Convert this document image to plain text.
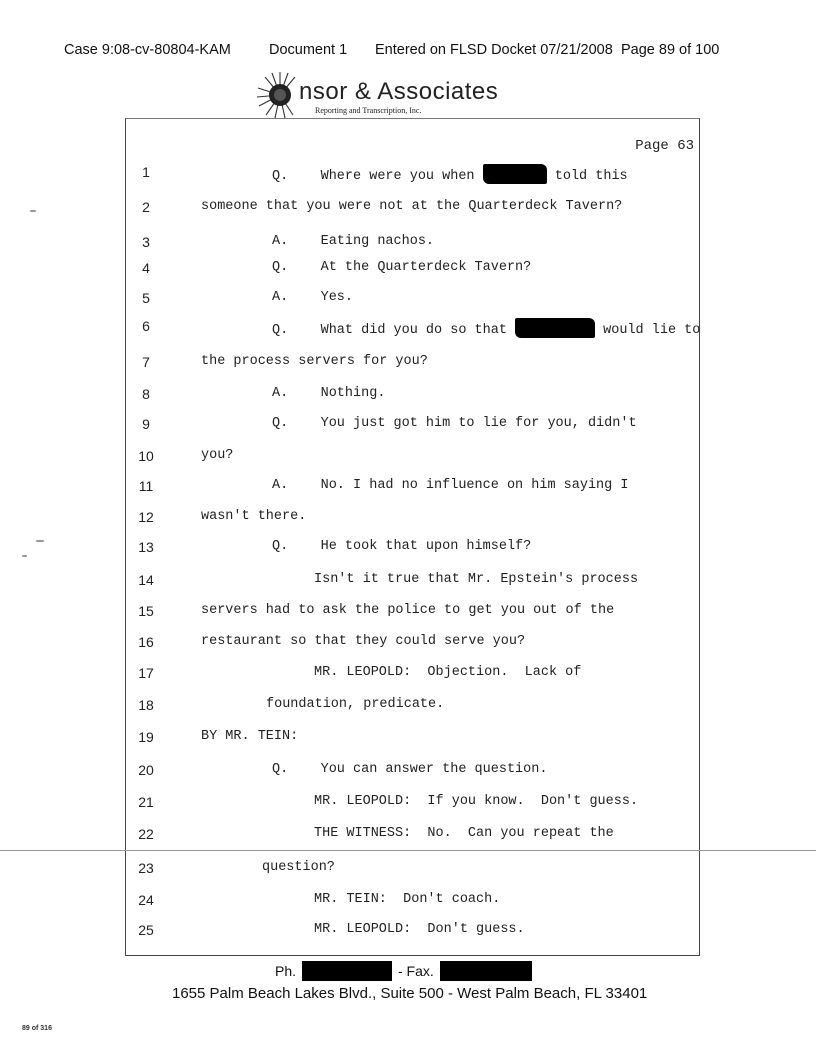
Case 9:08-cv-80804-KAM	Document 1 Entered on FLSD Docket 07/21/2008 Page 89 of 100
nsor & Associates
Reporting and Transcription, Inc.
Page 63
1	Q.    Where were you when	told this
2	someone that you were not at the Quarterdeck Tavern?
3	A.    Eating nachos.
4	Q.    At the Quarterdeck Tavern?
5	A.    Yes.
6	Q.    What did you do so that	would lie to
7	the process servers for you?
8	A.    Nothing.
9	Q.    You just got him to lie for you, didn't
10	you?
11	A.    No. I had no influence on him saying I
12	wasn't there.
13	Q.    He took that upon himself?
14	Isn't it true that Mr. Epstein's process
15	servers had to ask the police to get you out of the
16	restaurant so that they could serve you?
17	MR. LEOPOLD:  Objection.  Lack of
18	foundation, predicate.
19	BY MR. TEIN:
20	Q.    You can answer the question.
21	MR. LEOPOLD:  If you know.  Don't guess.
22	THE WITNESS:  No.  Can you repeat the
23	question?
24	MR. TEIN:  Don't coach.
25	MR. LEOPOLD:  Don't guess.
Ph.	- Fax.
1655 Palm Beach Lakes Blvd., Suite 500 - West Palm Beach, FL 33401
89 of 316
